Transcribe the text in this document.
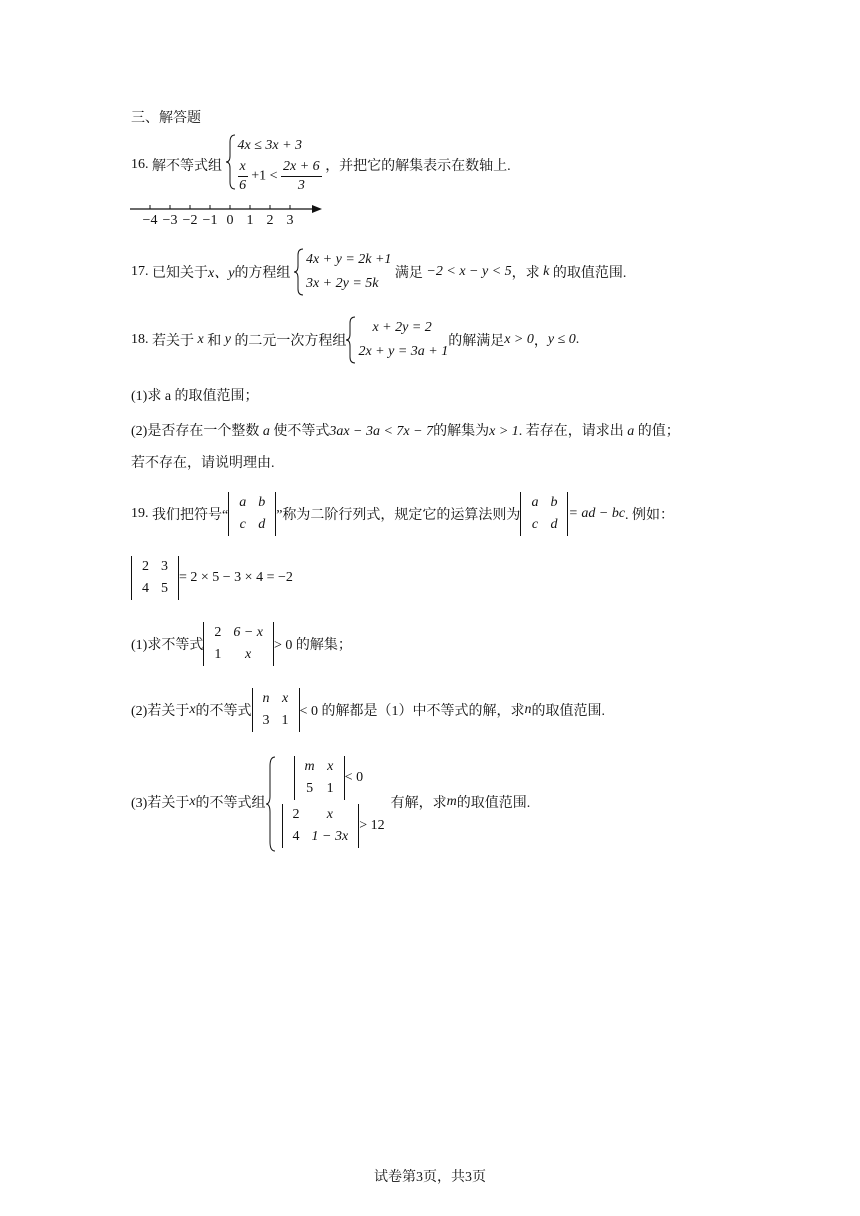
三、解答题
16. 解不等式组
4x ≤ 3x + 3
$\frac{x}{6} +1 < \frac{2x + 6}{3}$ ，并把它的解集表示在数轴上.
−4 −3 −2 −1 0 1 2 3
17. 已知关于x、y的方程组
4x + y = 2k +1
3x + 2y = 5k
满足 −2 < x − y < 5，求 k 的取值范围.
18. 若关于 x 和 y 的二元一次方程组
x + 2y = 2
2x + y = 3a + 1
的解满足x > 0，y ≤ 0.
(1)求 a 的取值范围；
(2)是否存在一个整数 a 使不等式3ax − 3a < 7x − 7的解集为x > 1. 若存在，请求出 a 的值；
若不存在，请说明理由.
19. 我们把符号“
a	b
c	d
”称为二阶行列式，规定它的运算法则为
a	b
c	d
= ad − bc. 例如：
2	3
4	5
= 2 × 5 − 3 × 4 = −2
(1)求不等式
2	6 − x
1	x
> 0 的解集；
(2)若关于x的不等式
n	x
3	1
< 0 的解都是（1）中不等式的解，求n的取值范围.
(3)若关于x的不等式组
m	x
5	1
< 0
2	x
4	1 − 3x
> 12
有解，求m的取值范围.
试卷第3页，共3页
